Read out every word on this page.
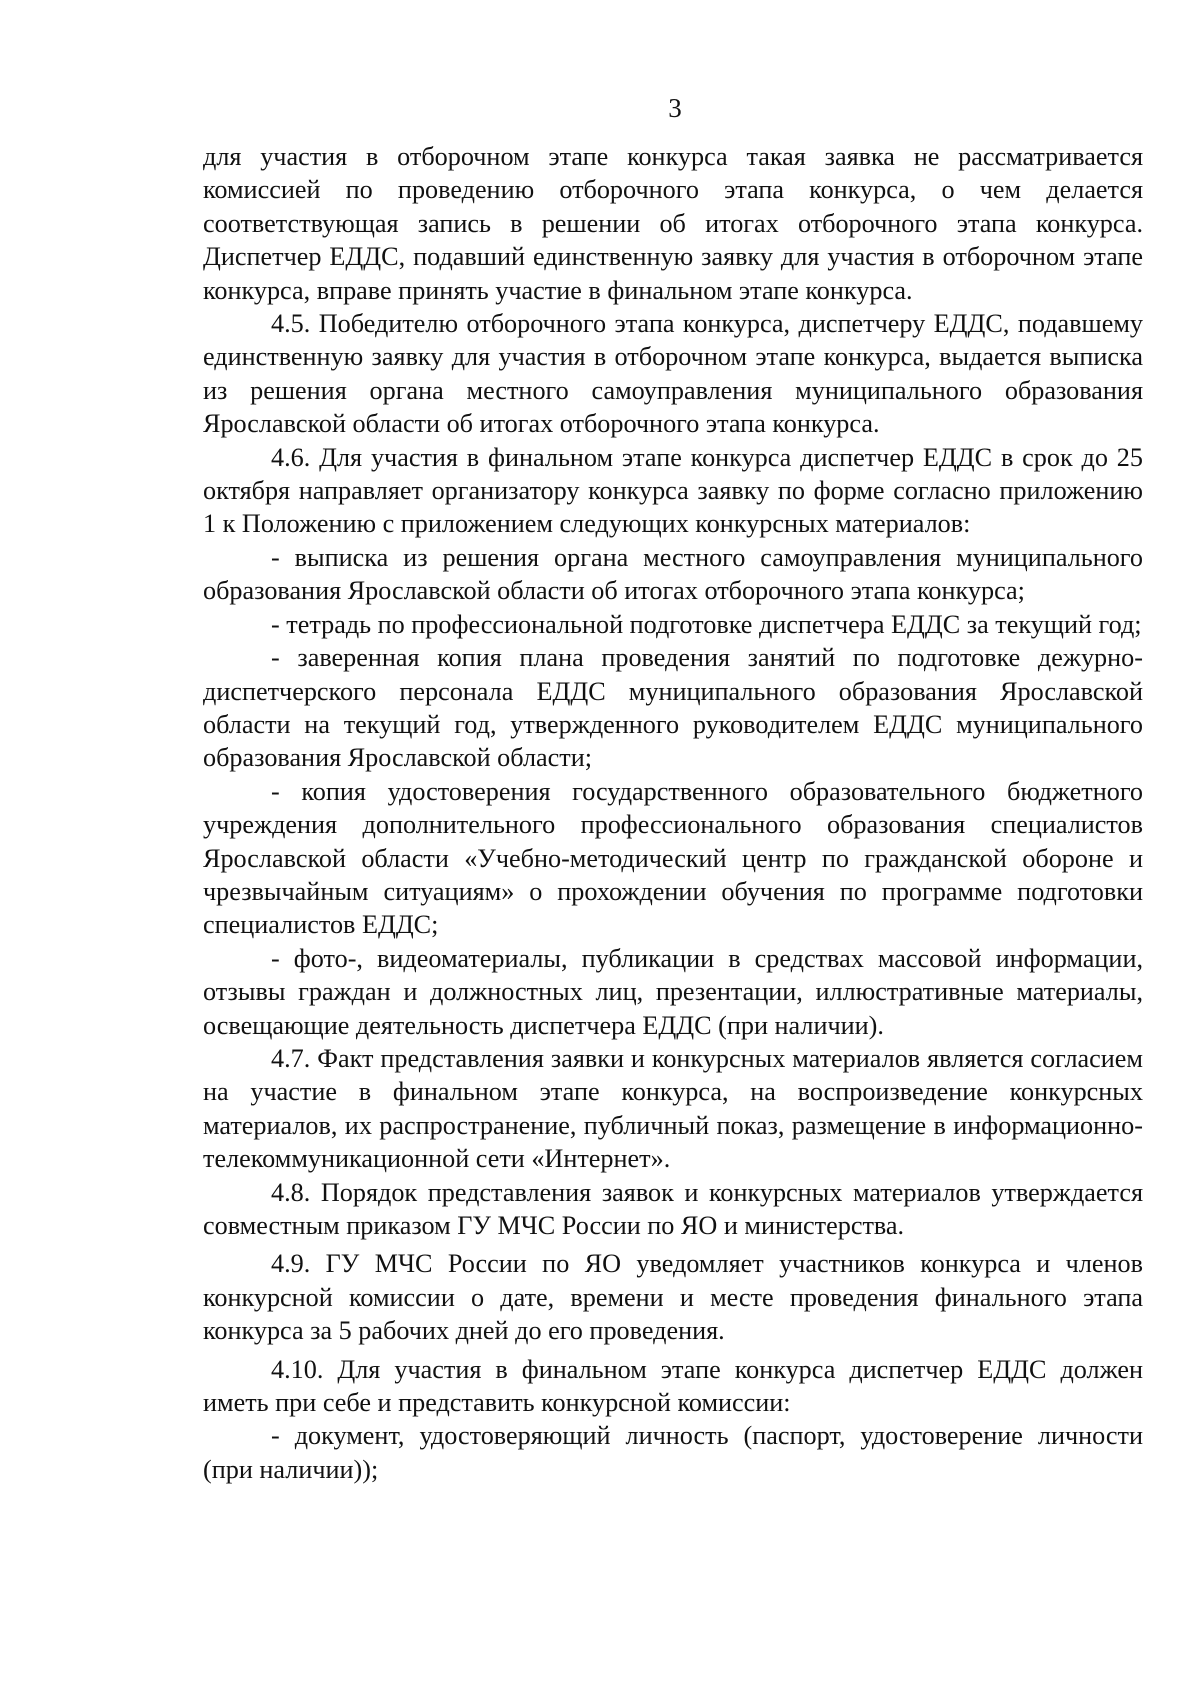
3

для участия в отборочном этапе конкурса такая заявка не рассматривается комиссией по проведению отборочного этапа конкурса, о чем делается соответствующая запись в решении об итогах отборочного этапа конкурса. Диспетчер ЕДДС, подавший единственную заявку для участия в отборочном этапе конкурса, вправе принять участие в финальном этапе конкурса.

4.5. Победителю отборочного этапа конкурса, диспетчеру ЕДДС, подавшему единственную заявку для участия в отборочном этапе конкурса, выдается выписка из решения органа местного самоуправления муниципального образования Ярославской области об итогах отборочного этапа конкурса.

4.6. Для участия в финальном этапе конкурса диспетчер ЕДДС в срок до 25 октября направляет организатору конкурса заявку по форме согласно приложению 1 к Положению с приложением следующих конкурсных материалов:

- выписка из решения органа местного самоуправления муниципального образования Ярославской области об итогах отборочного этапа конкурса;

- тетрадь по профессиональной подготовке диспетчера ЕДДС за текущий год;

- заверенная копия плана проведения занятий по подготовке дежурно-диспетчерского персонала ЕДДС муниципального образования Ярославской области на текущий год, утвержденного руководителем ЕДДС муниципального образования Ярославской области;

- копия удостоверения государственного образовательного бюджетного учреждения дополнительного профессионального образования специалистов Ярославской области «Учебно-методический центр по гражданской обороне и чрезвычайным ситуациям» о прохождении обучения по программе подготовки специалистов ЕДДС;

- фото-, видеоматериалы, публикации в средствах массовой информации, отзывы граждан и должностных лиц, презентации, иллюстративные материалы, освещающие деятельность диспетчера ЕДДС (при наличии).

4.7. Факт представления заявки и конкурсных материалов является согласием на участие в финальном этапе конкурса, на воспроизведение конкурсных материалов, их распространение, публичный показ, размещение в информационно-телекоммуникационной сети «Интернет».

4.8. Порядок представления заявок и конкурсных материалов утверждается совместным приказом ГУ МЧС России по ЯО и министерства.

4.9. ГУ МЧС России по ЯО уведомляет участников конкурса и членов конкурсной комиссии о дате, времени и месте проведения финального этапа конкурса за 5 рабочих дней до его проведения.

4.10. Для участия в финальном этапе конкурса диспетчер ЕДДС должен иметь при себе и представить конкурсной комиссии:

- документ, удостоверяющий личность (паспорт, удостоверение личности (при наличии));
